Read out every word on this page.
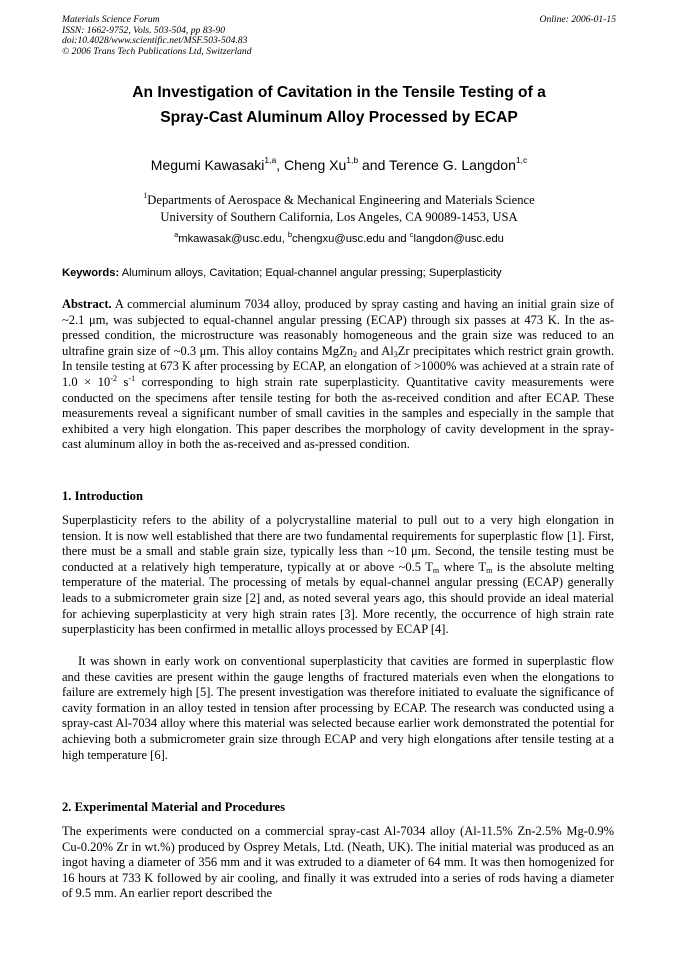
Materials Science Forum
ISSN: 1662-9752, Vols. 503-504, pp 83-90
doi:10.4028/www.scientific.net/MSF.503-504.83
© 2006 Trans Tech Publications Ltd, Switzerland
Online: 2006-01-15
An Investigation of Cavitation in the Tensile Testing of a
Spray-Cast Aluminum Alloy Processed by ECAP
Megumi Kawasaki$^{1,a}$, Cheng Xu$^{1,b}$ and Terence G. Langdon$^{1,c}$
$^1$Departments of Aerospace & Mechanical Engineering and Materials Science
University of Southern California, Los Angeles, CA 90089-1453, USA
$^a$mkawasak@usc.edu, $^b$chengxu@usc.edu and $^c$langdon@usc.edu
Keywords: Aluminum alloys, Cavitation; Equal-channel angular pressing; Superplasticity
Abstract. A commercial aluminum 7034 alloy, produced by spray casting and having an initial grain size of ~2.1 μm, was subjected to equal-channel angular pressing (ECAP) through six passes at 473 K. In the as-pressed condition, the microstructure was reasonably homogeneous and the grain size was reduced to an ultrafine grain size of ~0.3 μm. This alloy contains MgZn$_2$ and $Al_3Zr$ precipitates which restrict grain growth. In tensile testing at 673 K after processing by ECAP, an elongation of >1000% was achieved at a strain rate of $1.0 \times 10^{-2}$ $s^{-1}$ corresponding to high strain rate superplasticity. Quantitative cavity measurements were conducted on the specimens after tensile testing for both the as-received condition and after ECAP. These measurements reveal a significant number of small cavities in the samples and especially in the sample that exhibited a very high elongation. This paper describes the morphology of cavity development in the spray-cast aluminum alloy in both the as-received and as-pressed condition.
1. Introduction
Superplasticity refers to the ability of a polycrystalline material to pull out to a very high elongation in tension. It is now well established that there are two fundamental requirements for superplastic flow [1]. First, there must be a small and stable grain size, typically less than ~10 μm. Second, the tensile testing must be conducted at a relatively high temperature, typically at or above ~0.5 $T_m$ where $T_m$ is the absolute melting temperature of the material. The processing of metals by equal-channel angular pressing (ECAP) generally leads to a submicrometer grain size [2] and, as noted several years ago, this should provide an ideal material for achieving superplasticity at very high strain rates [3]. More recently, the occurrence of high strain rate superplasticity has been confirmed in metallic alloys processed by ECAP [4].
It was shown in early work on conventional superplasticity that cavities are formed in superplastic flow and these cavities are present within the gauge lengths of fractured materials even when the elongations to failure are extremely high [5]. The present investigation was therefore initiated to evaluate the significance of cavity formation in an alloy tested in tension after processing by ECAP. The research was conducted using a spray-cast Al-7034 alloy where this material was selected because earlier work demonstrated the potential for achieving both a submicrometer grain size through ECAP and very high elongations after tensile testing at a high temperature [6].
2. Experimental Material and Procedures
The experiments were conducted on a commercial spray-cast Al-7034 alloy (Al-11.5% Zn-2.5% Mg-0.9% Cu-0.20% Zr in wt.%) produced by Osprey Metals, Ltd. (Neath, UK). The initial material was produced as an ingot having a diameter of 356 mm and it was extruded to a diameter of 64 mm. It was then homogenized for 16 hours at 733 K followed by air cooling, and finally it was extruded into a series of rods having a diameter of 9.5 mm. An earlier report described the
